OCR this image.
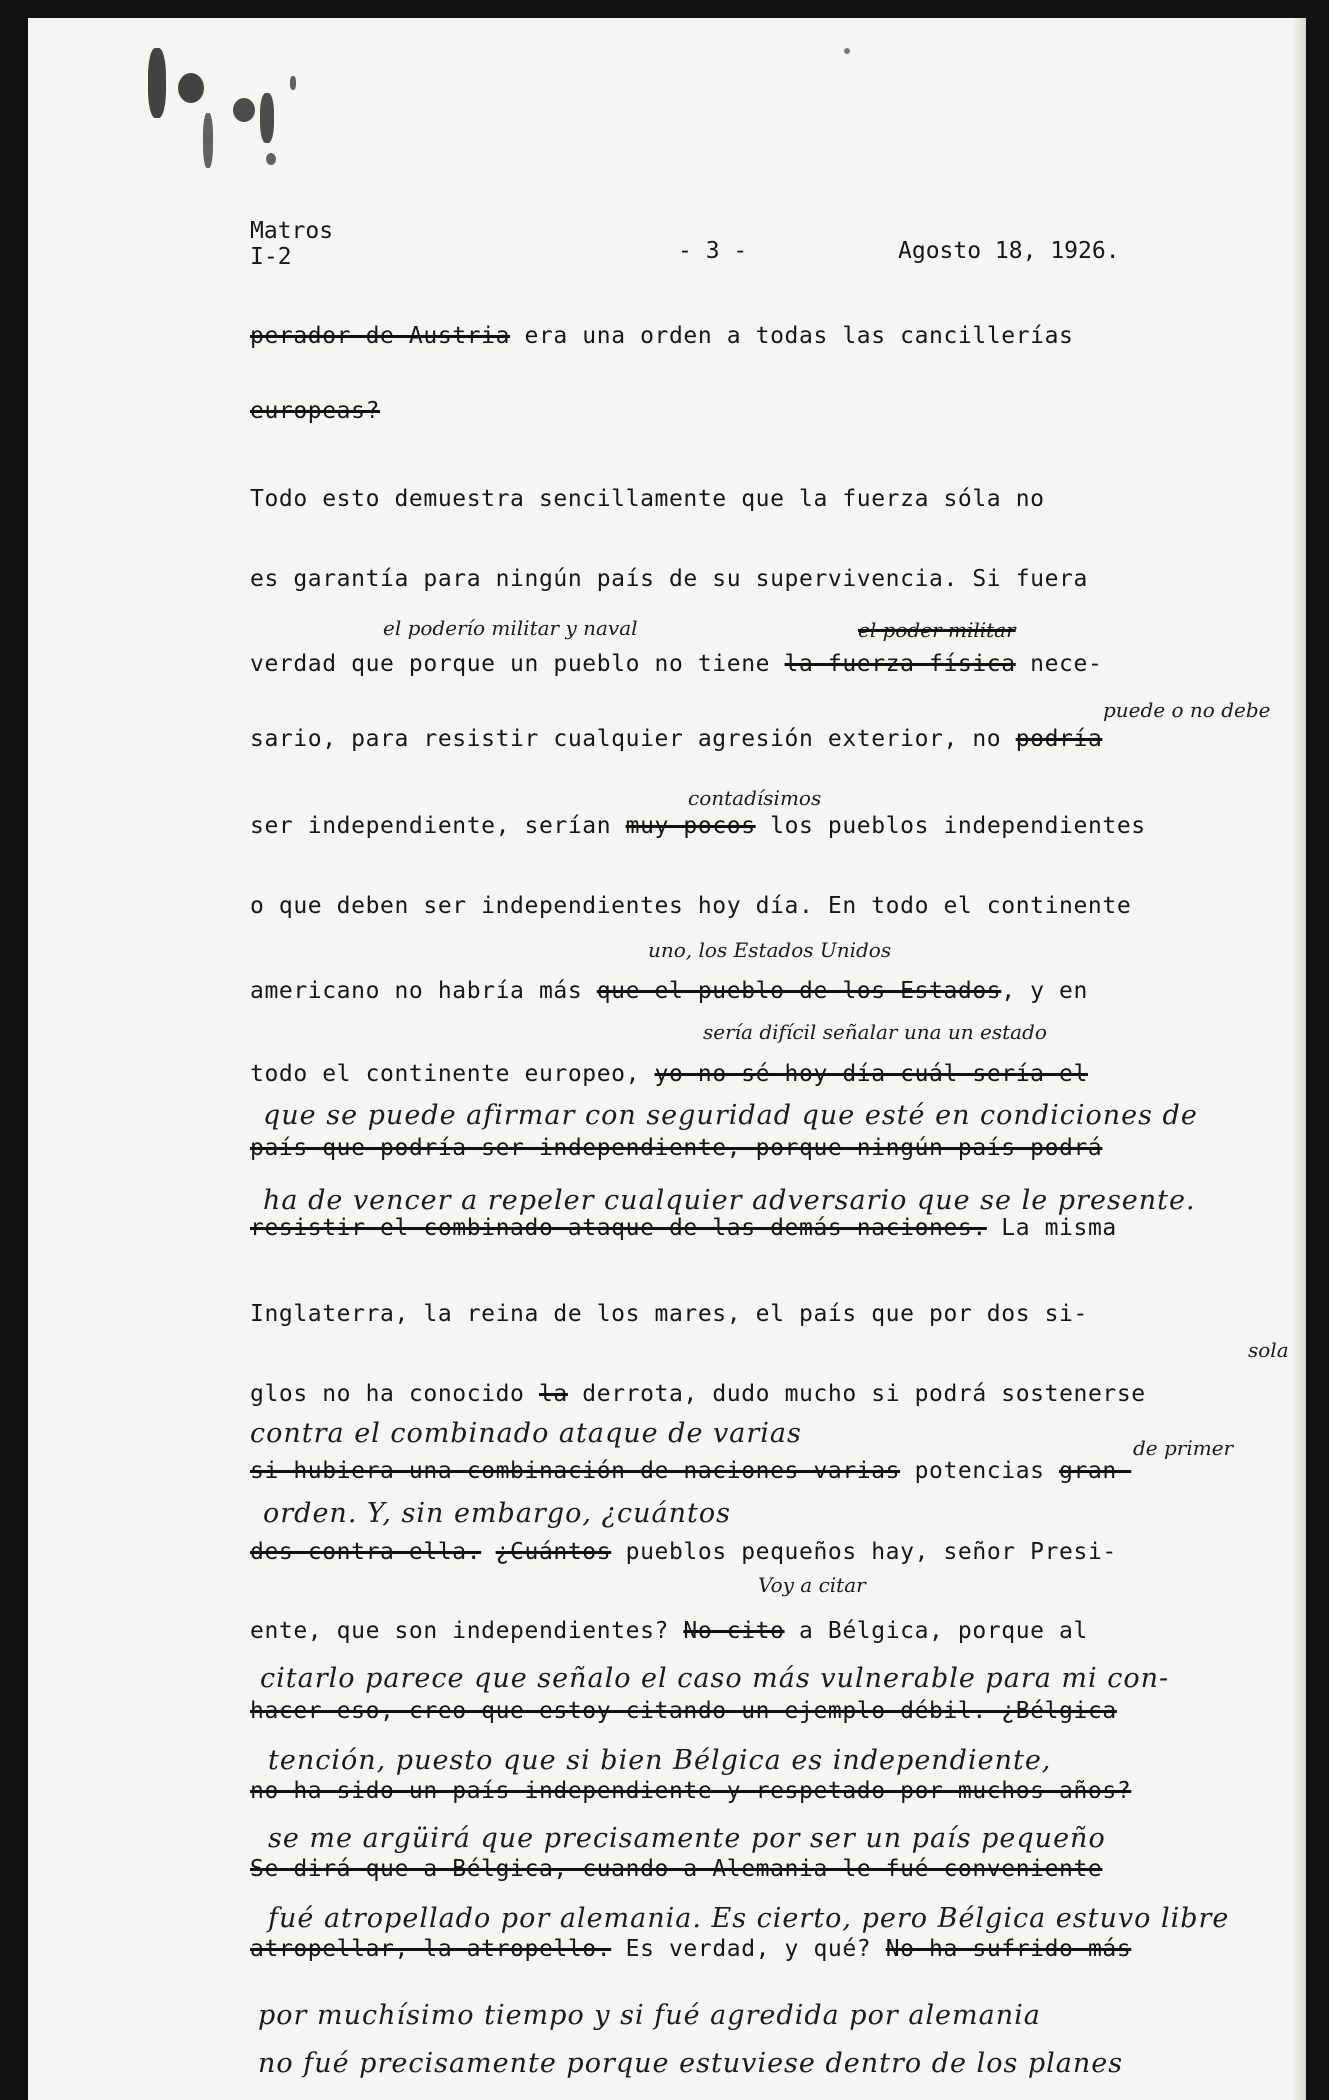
Matros
I-2	- 3 -	Agosto 18, 1926.
perador de Austria era una orden a todas las cancillerías
europeas?
Todo esto demuestra sencillamente que la fuerza sóla no
es garantía para ningún país de su supervivencia. Si fuera
verdad que porque un pueblo no tiene la fuerza física nece-
sario, para resistir cualquier agresión exterior, no podría
ser independiente, serían muy pocos los pueblos independientes
o que deben ser independientes hoy día. En todo el continente
americano no habría más que el pueblo de los Estados, y en
todo el continente europeo, yo no sé hoy día cuál sería el
que se puede afirmar con seguridad que esté en condiciones de
país que podría ser independiente, porque ningún país podrá
ha de vencer a repeler cualquier adversario que se le presente.
resistir el combinado ataque de las demás naciones. La misma
Inglaterra, la reina de los mares, el país que por dos si-
glos no ha conocido la derrota, dudo mucho si podrá sostenerse
contra el combinado ataque de varias
si hubiera una combinación de naciones varias potencias gran-
orden. Y, sin embargo, ¿cuántos
des contra ella. ¿Cuántos pueblos pequeños hay, señor Presi-
ente, que son independientes? No cito a Bélgica, porque al
citarlo parece que señalo el caso más vulnerable para mi con-
hacer eso, creo que estoy citando un ejemplo débil. ¿Bélgica
tención, puesto que si bien Bélgica es independiente,
no ha sido un país independiente y respetado por muchos años?
se me argüirá que precisamente por ser un país pequeño
Se dirá que a Bélgica, cuando a Alemania le fué conveniente
fué atropellado por alemania. Es cierto, pero Bélgica estuvo libre
atropellar, la atropello. Es verdad, y qué? No ha sufrido más
por muchísimo tiempo y si fué agredida por alemania
no fué precisamente porque estuviese dentro de los planes
el poderío militar y naval	el poder militar
puede o no debe
contadísimos
uno, los Estados Unidos
sería difícil señalar una un estado
sola
de primer
Voy a citar
